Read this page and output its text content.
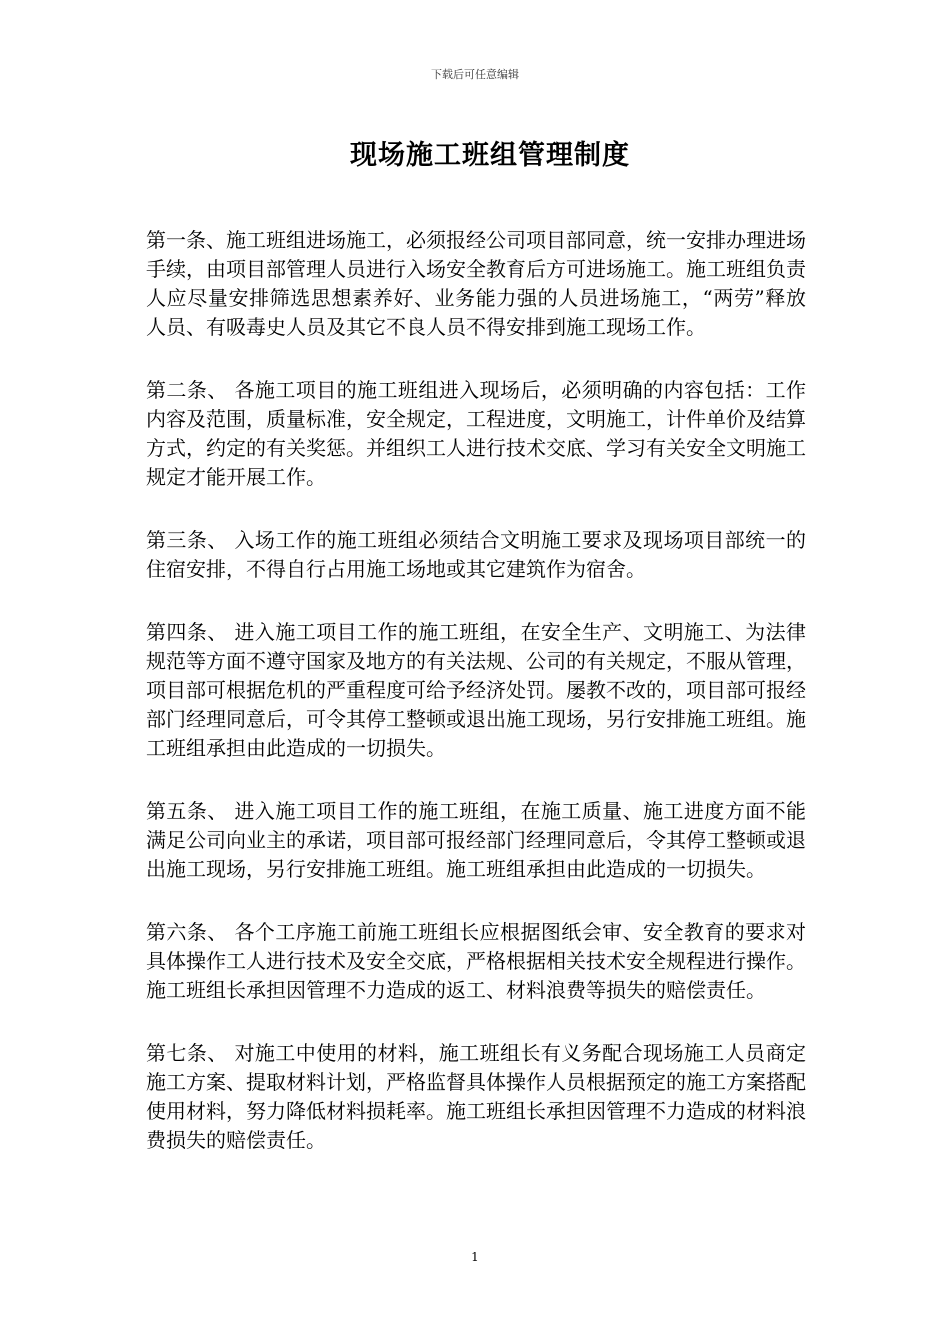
下载后可任意编辑
现场施工班组管理制度

第一条、施工班组进场施工，必须报经公司项目部同意，统一安排办理进场手续，由项目部管理人员进行入场安全教育后方可进场施工。施工班组负责人应尽量安排筛选思想素养好、业务能力强的人员进场施工，“两劳”释放人员、有吸毒史人员及其它不良人员不得安排到施工现场工作。

第二条、 各施工项目的施工班组进入现场后，必须明确的内容包括：工作内容及范围，质量标准，安全规定，工程进度，文明施工，计件单价及结算方式，约定的有关奖惩。并组织工人进行技术交底、学习有关安全文明施工规定才能开展工作。

第三条、 入场工作的施工班组必须结合文明施工要求及现场项目部统一的住宿安排，不得自行占用施工场地或其它建筑作为宿舍。

第四条、 进入施工项目工作的施工班组，在安全生产、文明施工、为法律规范等方面不遵守国家及地方的有关法规、公司的有关规定，不服从管理，项目部可根据危机的严重程度可给予经济处罚。屡教不改的，项目部可报经部门经理同意后，可令其停工整顿或退出施工现场，另行安排施工班组。施工班组承担由此造成的一切损失。

第五条、 进入施工项目工作的施工班组，在施工质量、施工进度方面不能满足公司向业主的承诺，项目部可报经部门经理同意后，令其停工整顿或退出施工现场，另行安排施工班组。施工班组承担由此造成的一切损失。

第六条、 各个工序施工前施工班组长应根据图纸会审、安全教育的要求对具体操作工人进行技术及安全交底，严格根据相关技术安全规程进行操作。施工班组长承担因管理不力造成的返工、材料浪费等损失的赔偿责任。

第七条、 对施工中使用的材料，施工班组长有义务配合现场施工人员商定施工方案、提取材料计划，严格监督具体操作人员根据预定的施工方案搭配使用材料，努力降低材料损耗率。施工班组长承担因管理不力造成的材料浪费损失的赔偿责任。

1
